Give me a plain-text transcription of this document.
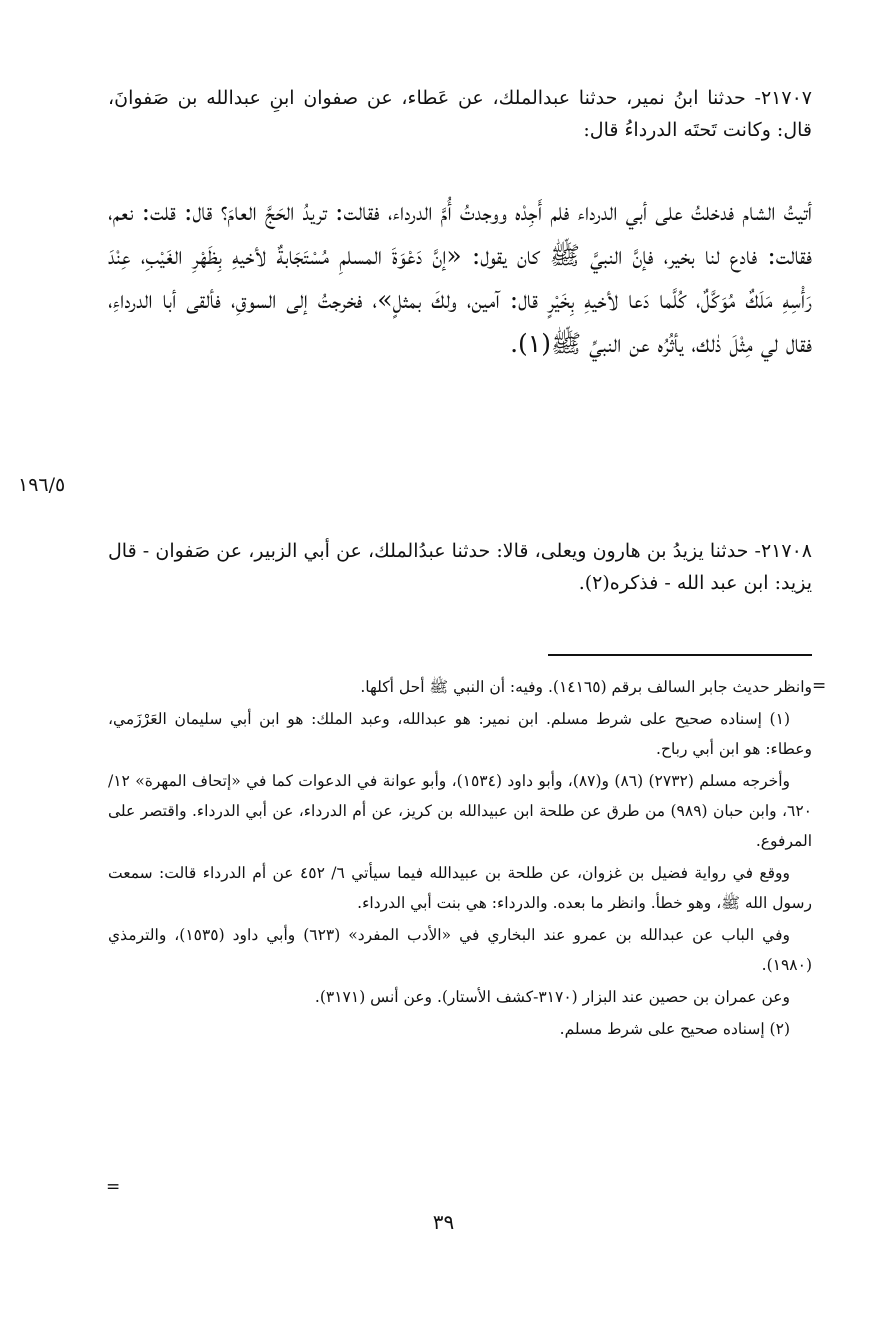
٢١٧٠٧- حدثنا ابنُ نمير، حدثنا عبدالملك، عن عَطاء، عن صفوان ابنِ عبدالله بن صَفوانَ، قال: وكانت تَحتَه الدرداءُ قال:

أتيتُ الشام فدخلتُ على أبي الدرداء فلم أَجِدْه ووجدتُ أُمَّ الدرداء، فقالت: تريدُ الحَجَّ العامَ؟ قال: قلت: نعم، فقالت: فادع لنا بخير، فإنَّ النبيَّ ﷺ كان يقول: «إنَّ دَعْوَةَ المسلمِ مُسْتَجَابةٌ لأخيهِ بِظَهْرِ الغَيْبِ، عِنْدَ رَأْسِهِ مَلَكٌ مُوَكَّلٌ، كُلَّما دَعا لأخيهِ بِخَيْرٍ قال: آمين، ولكَ بمثلٍ»، فخرجتُ إلى السوقِ، فألقى أبا الدرداءِ، فقال لي مِثْلَ ذٰلك، يأثُرُه عن النبيِّ ﷺ(١).

١٩٦/٥

٢١٧٠٨- حدثنا يزيدُ بن هارون ويعلى، قالا: حدثنا عبدُالملك، عن أبي الزبير، عن صَفوان - قال يزيد: ابن عبد الله - فذكره(٢).

=

وانظر حديث جابر السالف برقم (١٤١٦٥). وفيه: أن النبي ﷺ أحل أكلها.

(١) إسناده صحيح على شرط مسلم. ابن نمير: هو عبدالله، وعبد الملك: هو ابن أبي سليمان العَرْزَمي، وعطاء: هو ابن أبي رباح.

وأخرجه مسلم (٢٧٣٢) (٨٦) و(٨٧)، وأبو داود (١٥٣٤)، وأبو عوانة في الدعوات كما في «إتحاف المهرة» ١٢/ ٦٢٠، وابن حبان (٩٨٩) من طرق عن طلحة ابن عبيدالله بن كريز، عن أم الدرداء، عن أبي الدرداء. واقتصر على المرفوع.

ووقع في رواية فضيل بن غزوان، عن طلحة بن عبيدالله فيما سيأتي ٦/ ٤٥٢ عن أم الدرداء قالت: سمعت رسول الله ﷺ، وهو خطأ. وانظر ما بعده. والدرداء: هي بنت أبي الدرداء.

وفي الباب عن عبدالله بن عمرو عند البخاري في «الأدب المفرد» (٦٢٣) وأبي داود (١٥٣٥)، والترمذي (١٩٨٠).

وعن عمران بن حصين عند البزار (٣١٧٠-كشف الأستار). وعن أنس (٣١٧١).

(٢) إسناده صحيح على شرط مسلم.

=
٣٩
